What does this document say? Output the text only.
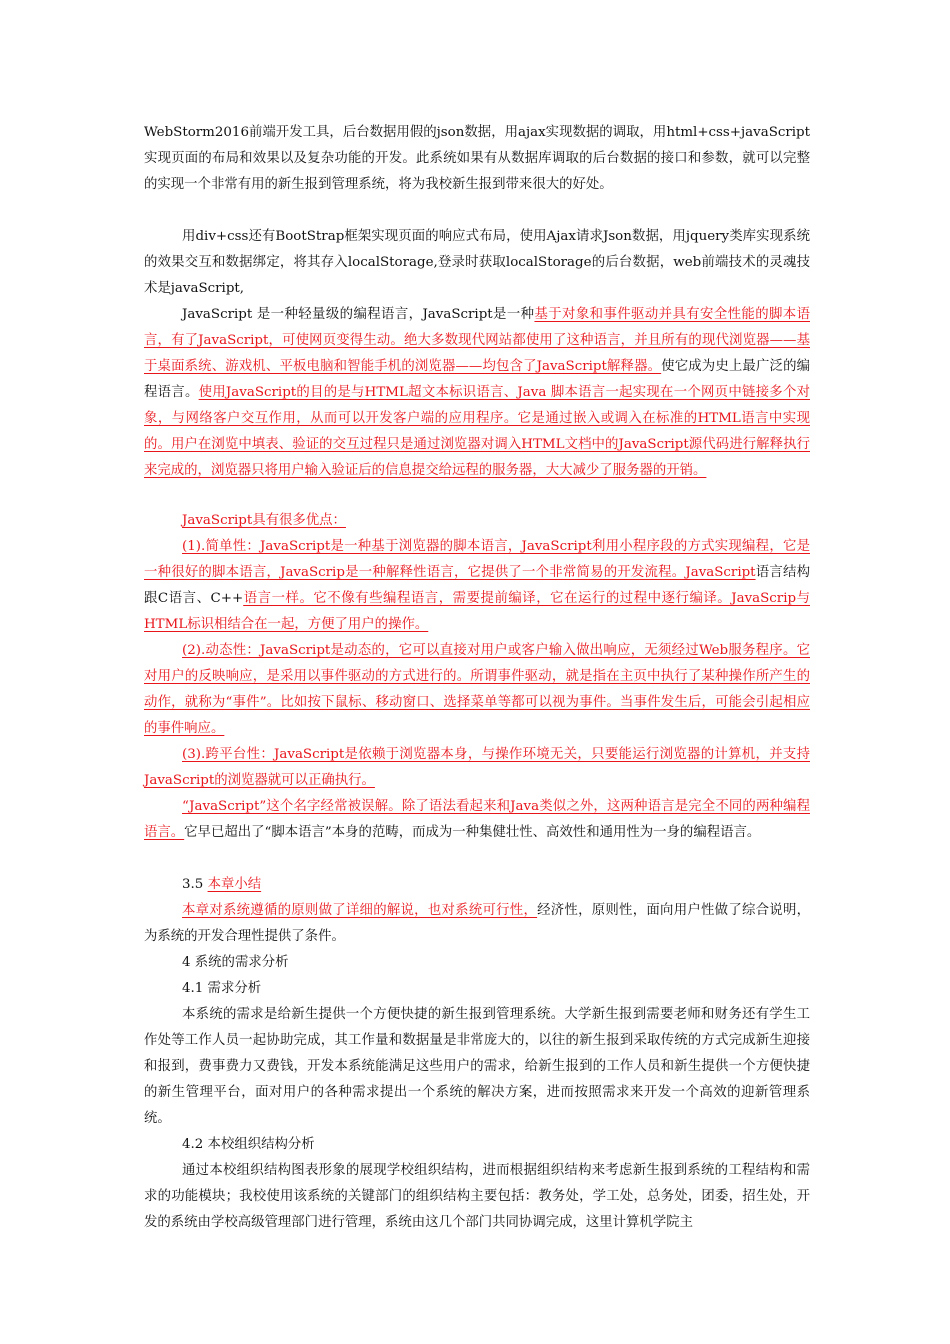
WebStorm2016前端开发工具，后台数据用假的json数据，用ajax实现数据的调取，用html+css+javaScript实现页面的布局和效果以及复杂功能的开发。此系统如果有从数据库调取的后台数据的接口和参数，就可以完整的实现一个非常有用的新生报到管理系统，将为我校新生报到带来很大的好处。
用div+css还有BootStrap框架实现页面的响应式布局，使用Ajax请求Json数据，用jquery类库实现系统的效果交互和数据绑定，将其存入localStorage,登录时获取localStorage的后台数据，web前端技术的灵魂技术是javaScript,
JavaScript 是一种轻量级的编程语言，JavaScript是一种基于对象和事件驱动并具有安全性能的脚本语言，有了JavaScript，可使网页变得生动。绝大多数现代网站都使用了这种语言，并且所有的现代浏览器——基于桌面系统、游戏机、平板电脑和智能手机的浏览器——均包含了JavaScript解释器。使它成为史上最广泛的编程语言。使用JavaScript的目的是与HTML超文本标识语言、Java 脚本语言一起实现在一个网页中链接多个对象，与网络客户交互作用，从而可以开发客户端的应用程序。它是通过嵌入或调入在标准的HTML语言中实现的。用户在浏览中填表、验证的交互过程只是通过浏览器对调入HTML文档中的JavaScript源代码进行解释执行来完成的，浏览器只将用户输入验证后的信息提交给远程的服务器，大大减少了服务器的开销。
JavaScript具有很多优点：
(1).简单性：JavaScript是一种基于浏览器的脚本语言，JavaScript利用小程序段的方式实现编程，它是一种很好的脚本语言，JavaScrip是一种解释性语言，它提供了一个非常简易的开发流程。JavaScript语言结构跟C语言、C++语言一样。它不像有些编程语言，需要提前编译，它在运行的过程中逐行编译。JavaScrip与HTML标识相结合在一起，方便了用户的操作。
(2).动态性：JavaScript是动态的，它可以直接对用户或客户输入做出响应，无须经过Web服务程序。它对用户的反映响应，是采用以事件驱动的方式进行的。所谓事件驱动，就是指在主页中执行了某种操作所产生的动作，就称为“事件”。比如按下鼠标、移动窗口、选择菜单等都可以视为事件。当事件发生后，可能会引起相应的事件响应。
(3).跨平台性：JavaScript是依赖于浏览器本身，与操作环境无关，只要能运行浏览器的计算机，并支持JavaScript的浏览器就可以正确执行。
“JavaScript”这个名字经常被误解。除了语法看起来和Java类似之外，这两种语言是完全不同的两种编程语言。它早已超出了“脚本语言”本身的范畴，而成为一种集健壮性、高效性和通用性为一身的编程语言。
3.5 本章小结
本章对系统遵循的原则做了详细的解说，也对系统可行性，经济性，原则性，面向用户性做了综合说明，为系统的开发合理性提供了条件。
4 系统的需求分析
4.1 需求分析
本系统的需求是给新生提供一个方便快捷的新生报到管理系统。大学新生报到需要老师和财务还有学生工作处等工作人员一起协助完成，其工作量和数据量是非常庞大的，以往的新生报到采取传统的方式完成新生迎接和报到，费事费力又费钱，开发本系统能满足这些用户的需求，给新生报到的工作人员和新生提供一个方便快捷的新生管理平台，面对用户的各种需求提出一个系统的解决方案，进而按照需求来开发一个高效的迎新管理系统。
4.2 本校组织结构分析
通过本校组织结构图表形象的展现学校组织结构，进而根据组织结构来考虑新生报到系统的工程结构和需求的功能模块；我校使用该系统的关键部门的组织结构主要包括：教务处，学工处，总务处，团委，招生处，开发的系统由学校高级管理部门进行管理，系统由这几个部门共同协调完成，这里计算机学院主
